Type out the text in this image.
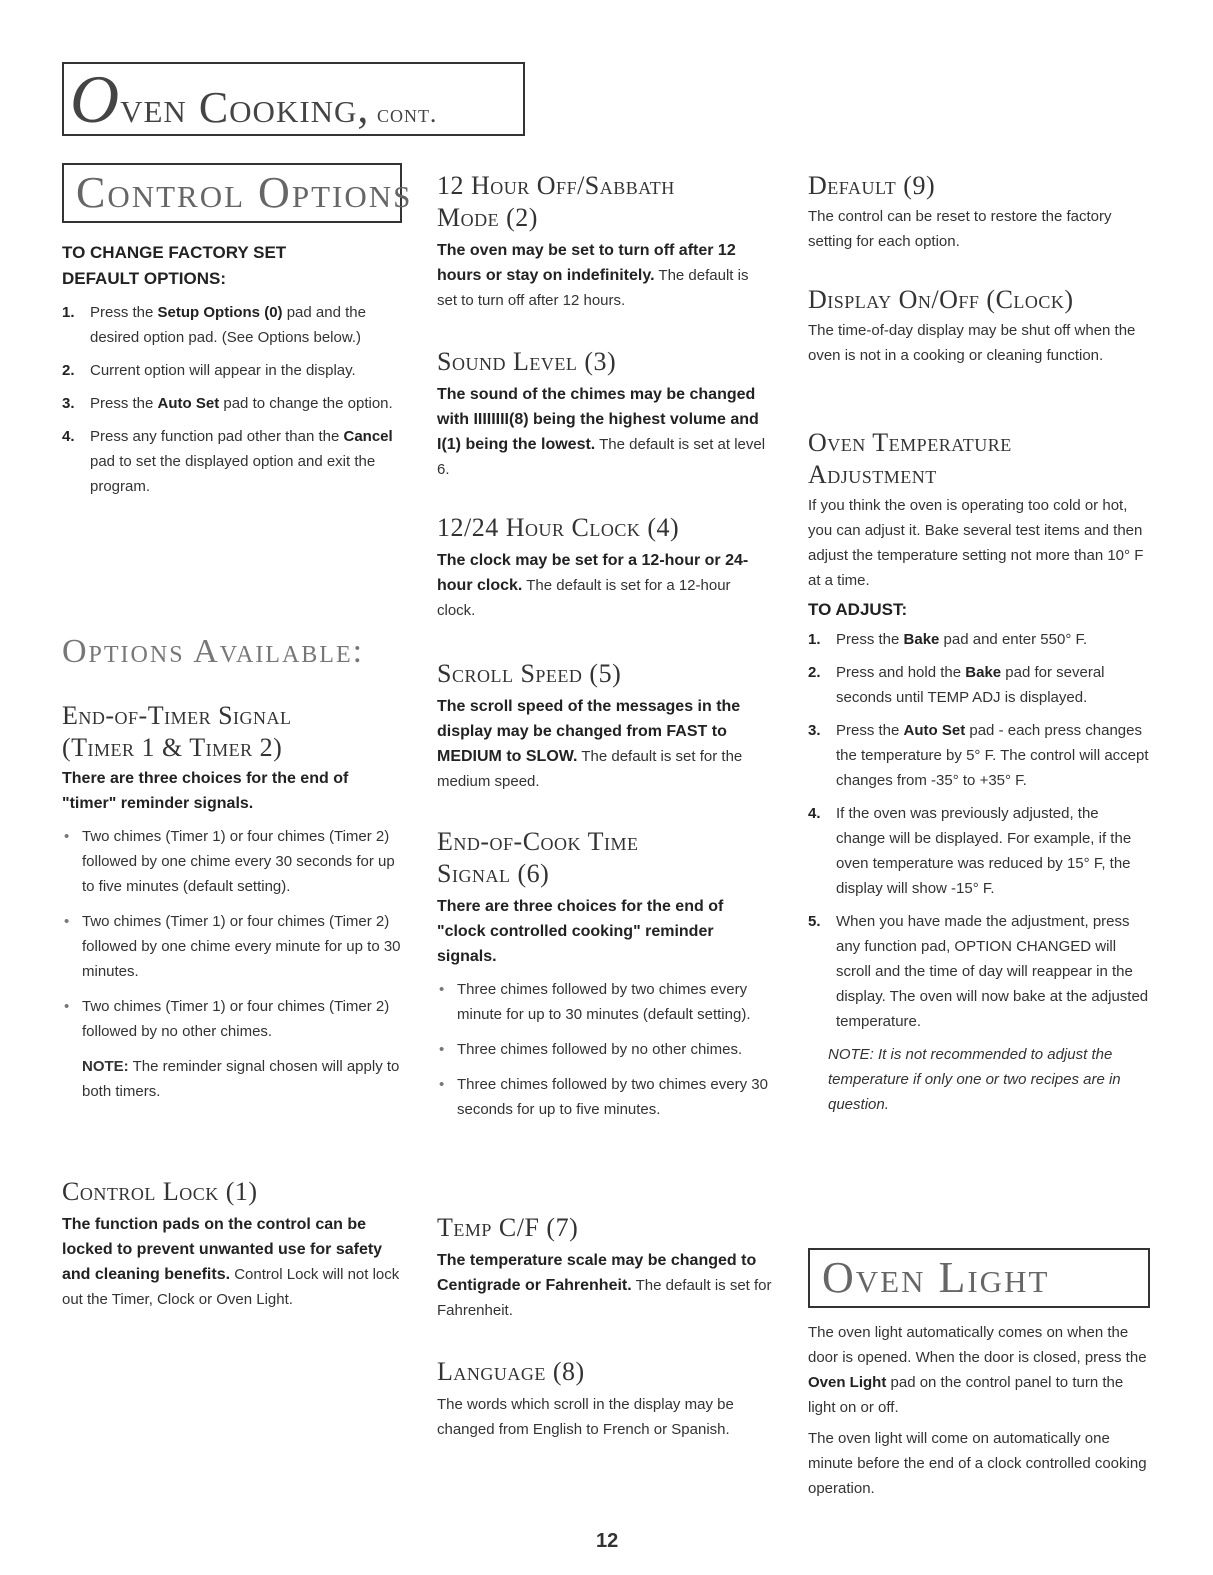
Oven Cooking, cont.
Control Options
TO CHANGE FACTORY SET DEFAULT OPTIONS:
1. Press the Setup Options (0) pad and the desired option pad. (See Options below.)
2. Current option will appear in the display.
3. Press the Auto Set pad to change the option.
4. Press any function pad other than the Cancel pad to set the displayed option and exit the program.
Options Available:
End-of-Timer Signal (Timer 1 & Timer 2)
There are three choices for the end of "timer" reminder signals.
• Two chimes (Timer 1) or four chimes (Timer 2) followed by one chime every 30 seconds for up to five minutes (default setting).
• Two chimes (Timer 1) or four chimes (Timer 2) followed by one chime every minute for up to 30 minutes.
• Two chimes (Timer 1) or four chimes (Timer 2) followed by no other chimes.
NOTE: The reminder signal chosen will apply to both timers.
Control Lock (1)
The function pads on the control can be locked to prevent unwanted use for safety and cleaning benefits. Control Lock will not lock out the Timer, Clock or Oven Light.
12 Hour Off/Sabbath Mode (2)
The oven may be set to turn off after 12 hours or stay on indefinitely. The default is set to turn off after 12 hours.
Sound Level (3)
The sound of the chimes may be changed with IIIIIIII(8) being the highest volume and I(1) being the lowest. The default is set at level 6.
12/24 Hour Clock (4)
The clock may be set for a 12-hour or 24-hour clock. The default is set for a 12-hour clock.
Scroll Speed (5)
The scroll speed of the messages in the display may be changed from FAST to MEDIUM to SLOW. The default is set for the medium speed.
End-of-Cook Time Signal (6)
There are three choices for the end of "clock controlled cooking" reminder signals.
• Three chimes followed by two chimes every minute for up to 30 minutes (default setting).
• Three chimes followed by no other chimes.
• Three chimes followed by two chimes every 30 seconds for up to five minutes.
Temp C/F (7)
The temperature scale may be changed to Centigrade or Fahrenheit. The default is set for Fahrenheit.
Language (8)
The words which scroll in the display may be changed from English to French or Spanish.
Default (9)
The control can be reset to restore the factory setting for each option.
Display On/Off (Clock)
The time-of-day display may be shut off when the oven is not in a cooking or cleaning function.
Oven Temperature Adjustment
If you think the oven is operating too cold or hot, you can adjust it. Bake several test items and then adjust the temperature setting not more than 10° F at a time.
TO ADJUST:
1. Press the Bake pad and enter 550° F.
2. Press and hold the Bake pad for several seconds until TEMP ADJ is displayed.
3. Press the Auto Set pad - each press changes the temperature by 5° F. The control will accept changes from -35° to +35° F.
4. If the oven was previously adjusted, the change will be displayed. For example, if the oven temperature was reduced by 15° F, the display will show -15° F.
5. When you have made the adjustment, press any function pad, OPTION CHANGED will scroll and the time of day will reappear in the display. The oven will now bake at the adjusted temperature.
NOTE: It is not recommended to adjust the temperature if only one or two recipes are in question.
Oven Light
The oven light automatically comes on when the door is opened. When the door is closed, press the Oven Light pad on the control panel to turn the light on or off.
The oven light will come on automatically one minute before the end of a clock controlled cooking operation.
12
